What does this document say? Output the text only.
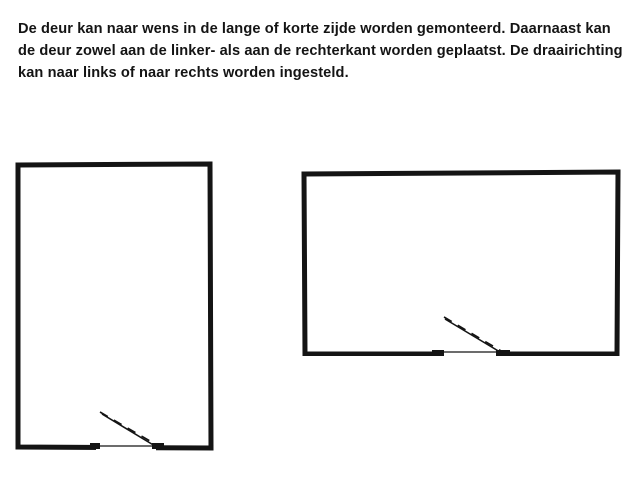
De deur kan naar wens in de lange of korte zijde worden gemonteerd. Daarnaast kan de deur zowel aan de linker- als aan de rechterkant worden geplaatst. De draairichting kan naar links of naar rechts worden ingesteld.
